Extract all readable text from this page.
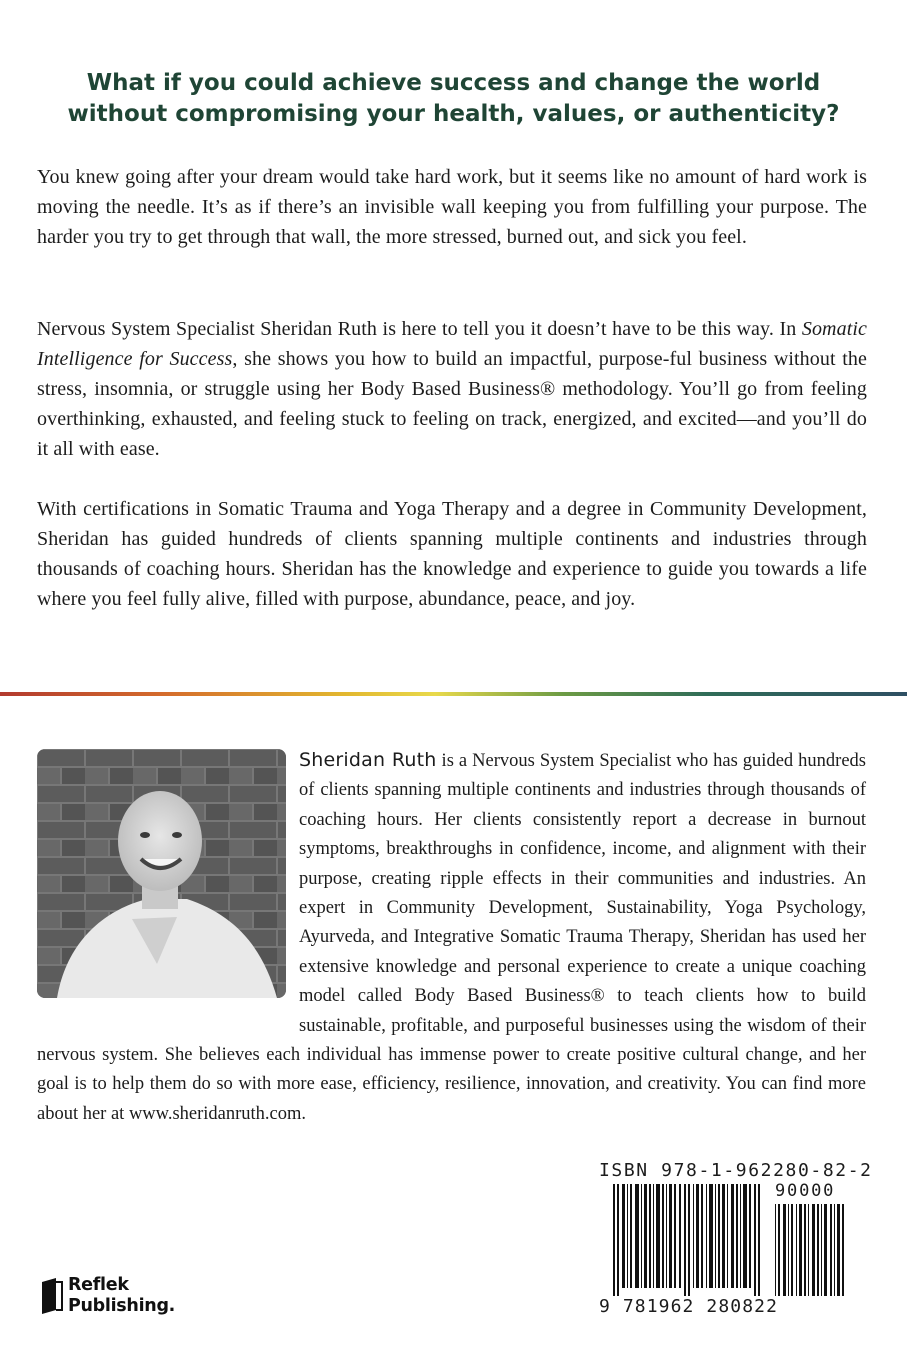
What if you could achieve success and change the world without compromising your health, values, or authenticity?

You knew going after your dream would take hard work, but it seems like no amount of hard work is moving the needle. It’s as if there’s an invisible wall keeping you from fulfilling your purpose. The harder you try to get through that wall, the more stressed, burned out, and sick you feel.

Nervous System Specialist Sheridan Ruth is here to tell you it doesn’t have to be this way. In Somatic Intelligence for Success, she shows you how to build an impactful, purpose-ful business without the stress, insomnia, or struggle using her Body Based Business® methodology. You’ll go from feeling overthinking, exhausted, and feeling stuck to feeling on track, energized, and excited—and you’ll do it all with ease.

With certifications in Somatic Trauma and Yoga Therapy and a degree in Community Development, Sheridan has guided hundreds of clients spanning multiple continents and industries through thousands of coaching hours. Sheridan has the knowledge and experience to guide you towards a life where you feel fully alive, filled with purpose, abundance, peace, and joy.

Sheridan Ruth is a Nervous System Specialist who has guided hundreds of clients spanning multiple continents and industries through thousands of coaching hours. Her clients consistently report a decrease in burnout symptoms, breakthroughs in confidence, income, and alignment with their purpose, creating ripple effects in their communities and industries. An expert in Community Development, Sustainability, Yoga Psychology, Ayurveda, and Integrative Somatic Trauma Therapy, Sheridan has used her extensive knowledge and personal experience to create a unique coaching model called Body Based Business® to teach clients how to build sustainable, profitable, and purposeful businesses using the wisdom of their nervous system. She believes each individual has immense power to create positive cultural change, and her goal is to help them do so with more ease, efficiency, resilience, innovation, and creativity. You can find more about her at www.sheridanruth.com.

ISBN 978-1-962280-82-2
90000
9 781962 280822

Reflek
Publishing.
